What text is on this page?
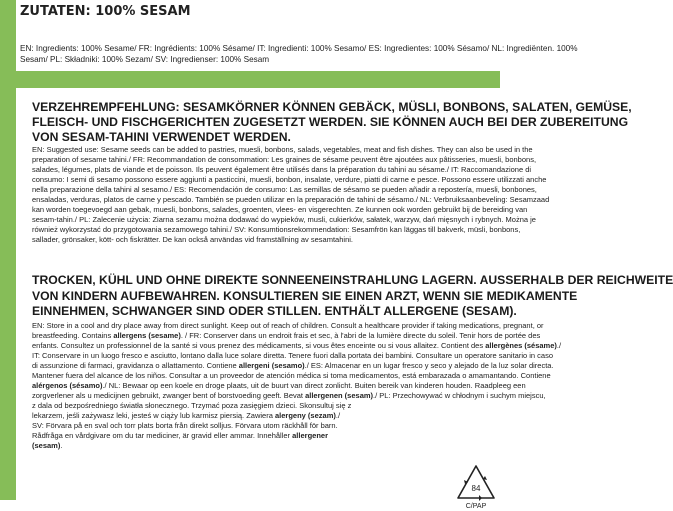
ZUTATEN: 100% SESAM

EN: Ingredients: 100% Sesame/ FR: Ingrédients: 100% Sésame/ IT: Ingredienti: 100% Sesamo/ ES: Ingredientes: 100% Sésamo/ NL: Ingrediënten. 100%

Sesam/ PL: Składniki: 100% Sezam/ SV: Ingredienser: 100% Sesam

VERZEHREMPFEHLUNG: SESAMKÖRNER KÖNNEN GEBÄCK, MÜSLI, BONBONS, SALATEN, GEMÜSE,

FLEISCH- UND FISCHGERICHTEN ZUGESETZT WERDEN. SIE KÖNNEN AUCH BEI DER ZUBEREITUNG

VON SESAM-TAHINI VERWENDET WERDEN.

EN: Suggested use: Sesame seeds can be added to pastries, muesli, bonbons, salads, vegetables, meat and fish dishes. They can also be used in the

preparation of sesame tahini./ FR: Recommandation de consommation: Les graines de sésame peuvent être ajoutées aux pâtisseries, muesli, bonbons,

salades, légumes, plats de viande et de poisson. Ils peuvent également être utilisés dans la préparation du tahini au sésame./ IT: Raccomandazione di

consumo: I semi di sesamo possono essere aggiunti a pasticcini, muesli, bonbon, insalate, verdure, piatti di carne e pesce. Possono essere utilizzati anche

nella preparazione della tahini al sesamo./ ES: Recomendación de consumo: Las semillas de sésamo se pueden añadir a repostería, muesli, bonbones,

ensaladas, verduras, platos de carne y pescado. También se pueden utilizar en la preparación de tahini de sésamo./ NL: Verbruiksaanbeveling: Sesamzaad

kan worden toegevoegd aan gebak, muesli, bonbons, salades, groenten, vlees- en visgerechten. Ze kunnen ook worden gebruikt bij de bereiding van

sesam-tahin./ PL: Zalecenie użycia: Ziarna sezamu można dodawać do wypieków, musli, cukierków, sałatek, warzyw, dań mięsnych i rybnych. Można je

również wykorzystać do przygotowania sezamowego tahini./ SV: Konsumtionsrekommendation: Sesamfrön kan läggas till bakverk, müsli, bonbons,

sallader, grönsaker, kött- och fiskrätter. De kan också användas vid framställning av sesamtahini.

TROCKEN, KÜHL UND OHNE DIREKTE SONNEENEINSTRAHLUNG LAGERN. AUSSERHALB DER REICHWEITE

VON KINDERN AUFBEWAHREN. KONSULTIEREN SIE EINEN ARZT, WENN SIE MEDIKAMENTE

EINNEHMEN, SCHWANGER SIND ODER STILLEN. ENTHÄLT ALLERGENE (SESAM).

EN: Store in a cool and dry place away from direct sunlight. Keep out of reach of children. Consult a healthcare provider if taking medications, pregnant, or

breastfeeding. Contains allergens (sesame). / FR: Conserver dans un endroit frais et sec, à l'abri de la lumière directe du soleil. Tenir hors de portée des

enfants. Consultez un professionnel de la santé si vous prenez des médicaments, si vous êtes enceinte ou si vous allaitez. Contient des allergènes (sésame)./

IT: Conservare in un luogo fresco e asciutto, lontano dalla luce solare diretta. Tenere fuori dalla portata dei bambini. Consultare un operatore sanitario in caso

di assunzione di farmaci, gravidanza o allattamento. Contiene allergeni (sesamo)./ ES: Almacenar en un lugar fresco y seco y alejado de la luz solar directa.

Mantener fuera del alcance de los niños. Consultar a un proveedor de atención médica si toma medicamentos, está embarazada o amamantando. Contiene

alérgenos (sésamo)./ NL: Bewaar op een koele en droge plaats, uit de buurt van direct zonlicht. Buiten bereik van kinderen houden. Raadpleeg een

zorgverlener als u medicijnen gebruikt, zwanger bent of borstvoeding geeft. Bevat allergenen (sesam)./ PL: Przechowywać w chłodnym i suchym miejscu,

z dala od bezpośredniego światła słonecznego. Trzymać poza zasięgiem dzieci. Skonsultuj się z

lekarzem, jeśli zażywasz leki, jesteś w ciąży lub karmisz piersią. Zawiera alergeny (sezam)./

SV: Förvara på en sval och torr plats borta från direkt solljus. Förvara utom räckhåll för barn.

Rådfråga en vårdgivare om du tar mediciner, är gravid eller ammar. Innehåller allergener

(sesam).

84

C/PAP
